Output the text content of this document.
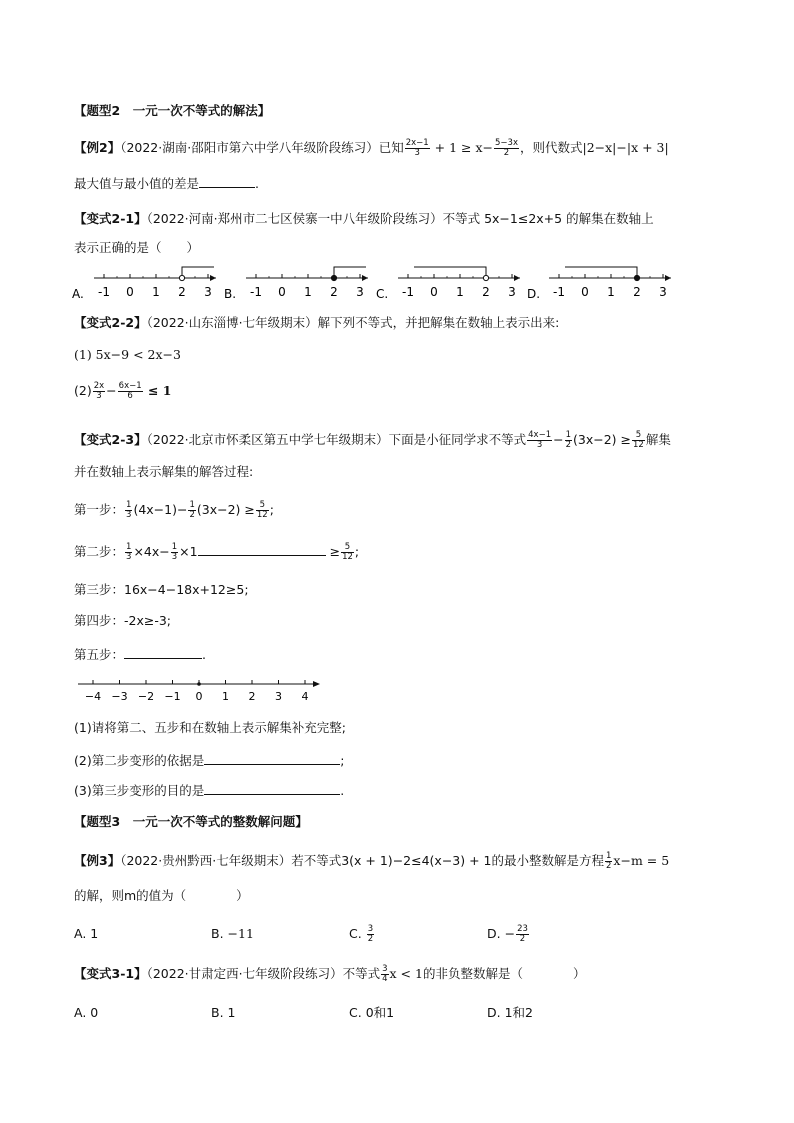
【题型2　一元一次不等式的解法】
【例2】（2022·湖南·邵阳市第六中学八年级阶段练习）已知 $\frac{2x-1}{3} + 1 \ge x- \frac{5-3x}{2}$ ，则代数式|2−x|−|x + 3|
最大值与最小值的差是	.
【变式2-1】（2022·河南·郑州市二七区侯寨一中八年级阶段练习）不等式 5x−1≤2x+5 的解集在数轴上
表示正确的是（　　）
A. -1 0 1 2 3 B. -1 0 1 2 3 C. -1 0 1 2 3 D. -1 0 1 2 3
【变式2-2】（2022·山东淄博·七年级期末）解下列不等式，并把解集在数轴上表示出来:
(1) 5x−9 < 2x−3
$(2) \frac{2x}{3} - \frac{6x-1}{6} \le 1$
【变式2-3】（2022·北京市怀柔区第五中学七年级期末）下面是小征同学求不等式 $\frac{4x-1}{3} - \frac{1}{2} (3x-2) \ge \frac{5}{12}$ 解集
并在数轴上表示解集的解答过程:
第一步： $\frac{1}{3} (4x-1)- \frac{1}{2} (3x-2) \ge \frac{5}{12}$ ;
第二步： $\frac{1}{3} \times 4x- \frac{1}{3} \times 1$	≥ $\frac{5}{12}$ ;
第三步：16x−4−18x+12≥5;
第四步：-2x≥-3;
第五步：	.
−4 −3 −2 −1 0 1 2 3 4
(1)请将第二、五步和在数轴上表示解集补充完整;
(2)第二步变形的依据是	;
(3)第三步变形的目的是	.
【题型3　一元一次不等式的整数解问题】
【例3】（2022·贵州黔西·七年级期末）若不等式3(x + 1)−2≤4(x−3) + 1的最小整数解是方程 $\frac{1}{2} x-m = 5$
的解，则m的值为（　　　　）
A. 1	B. −11	C. $\frac{3}{2}$	D. − $\frac{23}{2}$
【变式3-1】（2022·甘肃定西·七年级阶段练习）不等式 $\frac{3}{4}$ x < 1的非负整数解是（　　　　）
A. 0	B. 1	C. 0和1	D. 1和2
